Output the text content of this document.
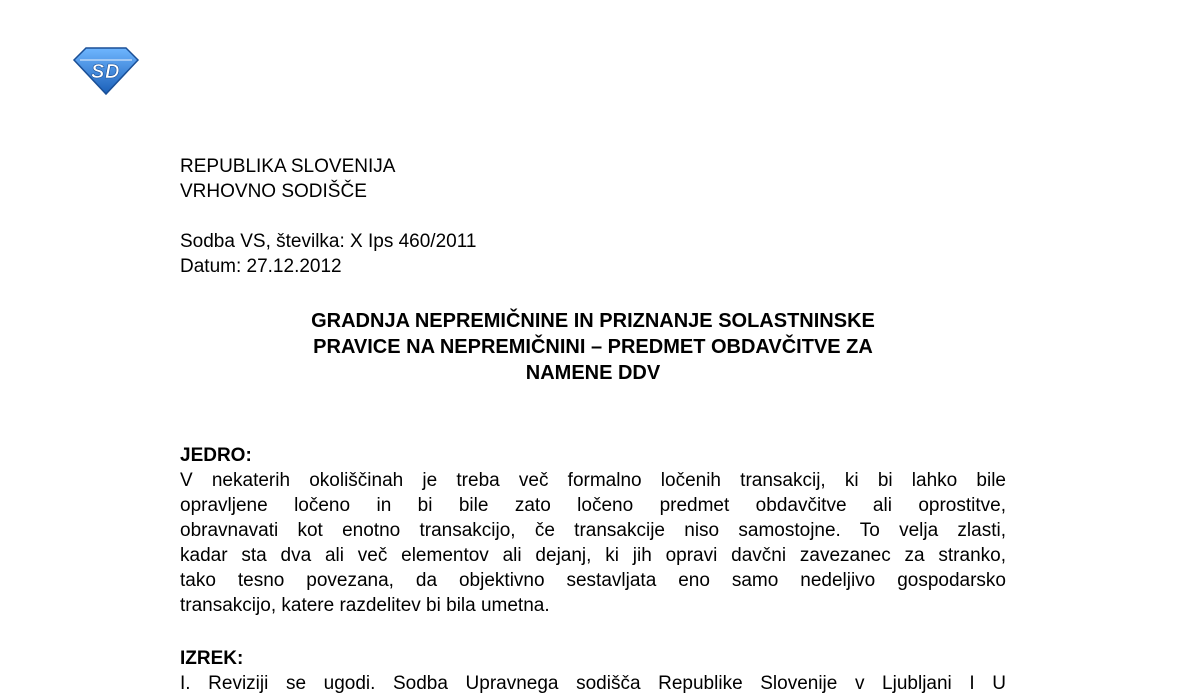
S D
REPUBLIKA SLOVENIJA
VRHOVNO SODIŠČE
Sodba VS, številka: X Ips 460/2011
Datum: 27.12.2012
GRADNJA NEPREMIČNINE IN PRIZNANJE SOLASTNINSKE
PRAVICE NA NEPREMIČNINI – PREDMET OBDAVČITVE ZA
NAMENE DDV
JEDRO:
V nekaterih okoliščinah je treba več formalno ločenih transakcij, ki bi lahko bile
opravljene ločeno in bi bile zato ločeno predmet obdavčitve ali oprostitve,
obravnavati kot enotno transakcijo, če transakcije niso samostojne. To velja zlasti,
kadar sta dva ali več elementov ali dejanj, ki jih opravi davčni zavezanec za stranko,
tako tesno povezana, da objektivno sestavljata eno samo nedeljivo gospodarsko
transakcijo, katere razdelitev bi bila umetna.
IZREK:
I. Reviziji se ugodi. Sodba Upravnega sodišča Republike Slovenije v Ljubljani I U
